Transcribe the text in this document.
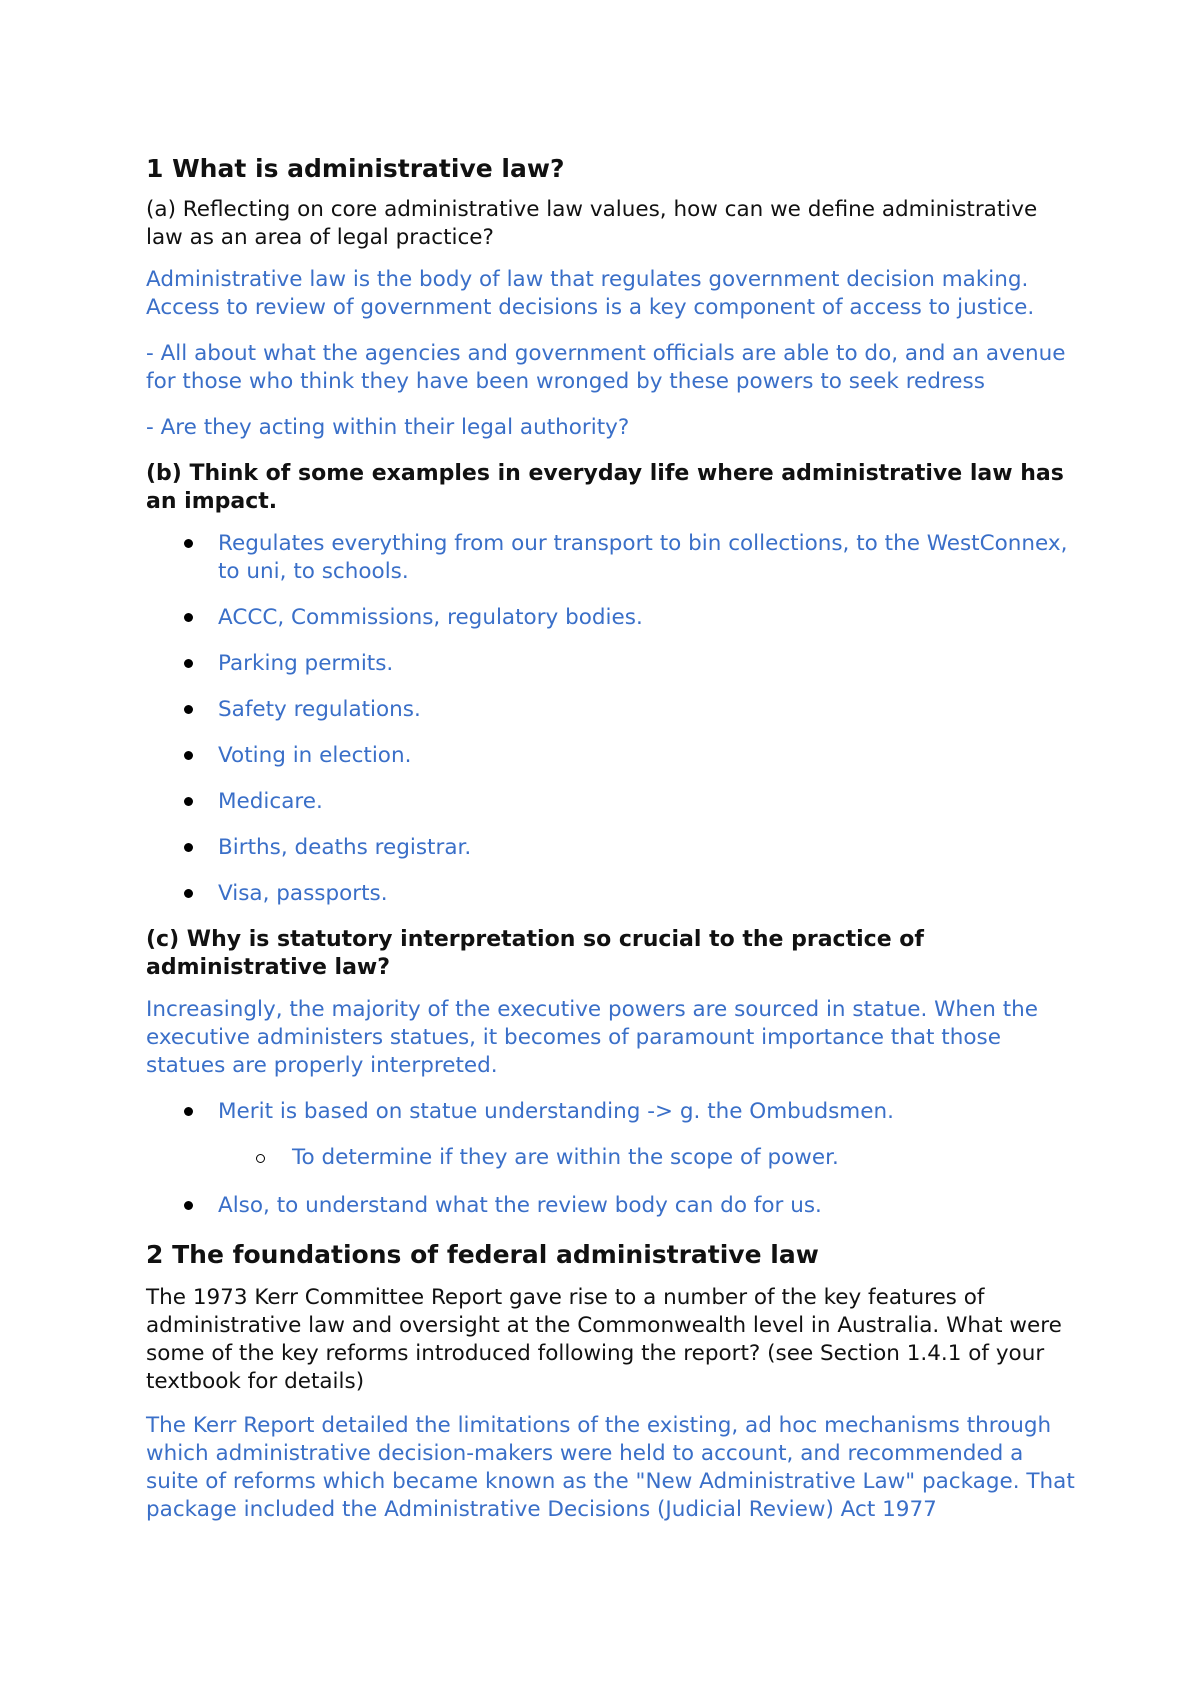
1 What is administrative law?
(a) Reflecting on core administrative law values, how can we define administrative law as an area of legal practice?
Administrative law is the body of law that regulates government decision making. Access to review of government decisions is a key component of access to justice.
- All about what the agencies and government officials are able to do, and an avenue for those who think they have been wronged by these powers to seek redress
- Are they acting within their legal authority?
(b) Think of some examples in everyday life where administrative law has an impact.
Regulates everything from our transport to bin collections, to the WestConnex, to uni, to schools.
ACCC, Commissions, regulatory bodies.
Parking permits.
Safety regulations.
Voting in election.
Medicare.
Births, deaths registrar.
Visa, passports.
(c) Why is statutory interpretation so crucial to the practice of administrative law?
Increasingly, the majority of the executive powers are sourced in statue. When the executive administers statues, it becomes of paramount importance that those statues are properly interpreted.
Merit is based on statue understanding -> g. the Ombudsmen.
To determine if they are within the scope of power.
Also, to understand what the review body can do for us.
2 The foundations of federal administrative law
The 1973 Kerr Committee Report gave rise to a number of the key features of administrative law and oversight at the Commonwealth level in Australia. What were some of the key reforms introduced following the report? (see Section 1.4.1 of your textbook for details)
The Kerr Report detailed the limitations of the existing, ad hoc mechanisms through which administrative decision-makers were held to account, and recommended a suite of reforms which became known as the "New Administrative Law" package. That package included the Administrative Decisions (Judicial Review) Act 1977
